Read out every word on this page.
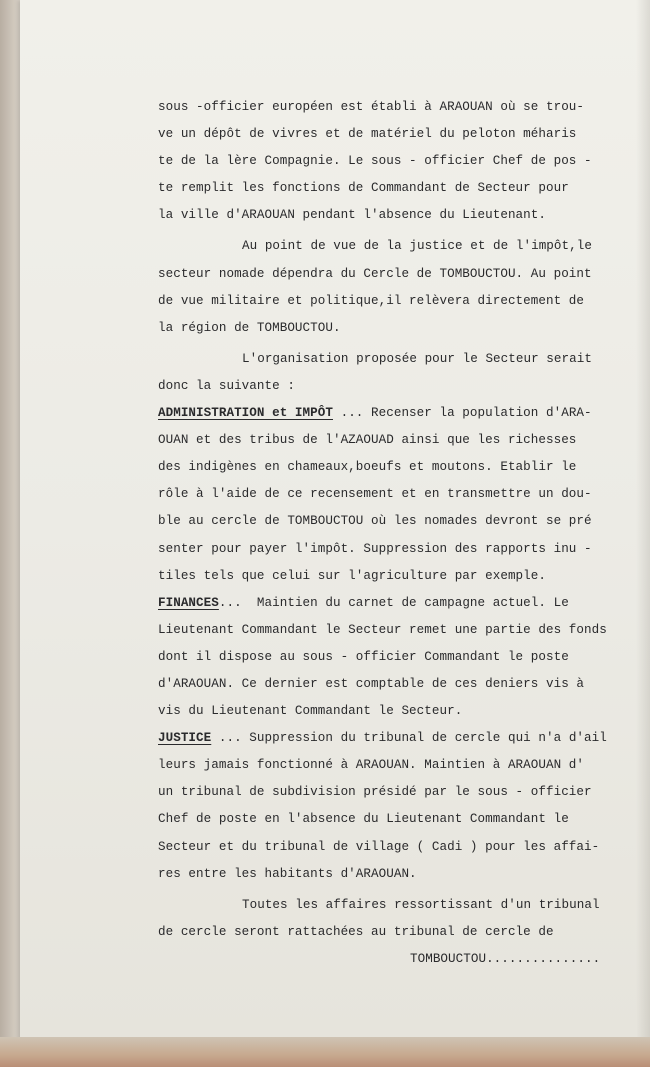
sous -officier européen est établi à ARAOUAN où se trou-
ve un dépôt de vivres et de matériel du peloton méharis
te de la lère Compagnie. Le sous - officier Chef de pos -
te remplit les fonctions de Commandant de Secteur pour
la ville d'ARAOUAN pendant l'absence du Lieutenant.
Au point de vue de la justice et de l'impôt,le
secteur nomade dépendra du Cercle de TOMBOUCTOU. Au point
de vue militaire et politique,il relèvera directement de
la région de TOMBOUCTOU.
L'organisation proposée pour le Secteur serait
donc la suivante :
ADMINISTRATION et IMPÔT ... Recenser la population d'ARA-
OUAN et des tribus de l'AZAOUAD ainsi que les richesses
des indigènes en chameaux,boeufs et moutons. Etablir le
rôle à l'aide de ce recensement et en transmettre un dou-
ble au cercle de TOMBOUCTOU où les nomades devront se pré
senter pour payer l'impôt. Suppression des rapports inu -
tiles tels que celui sur l'agriculture par exemple.
FINANCES...  Maintien du carnet de campagne actuel. Le
Lieutenant Commandant le Secteur remet une partie des fonds
dont il dispose au sous - officier Commandant le poste
d'ARAOUAN. Ce dernier est comptable de ces deniers vis à
vis du Lieutenant Commandant le Secteur.
JUSTICE ... Suppression du tribunal de cercle qui n'a d'ail
leurs jamais fonctionné à ARAOUAN. Maintien à ARAOUAN d'
un tribunal de subdivision présidé par le sous - officier
Chef de poste en l'absence du Lieutenant Commandant le
Secteur et du tribunal de village ( Cadi ) pour les affai-
res entre les habitants d'ARAOUAN.
Toutes les affaires ressortissant d'un tribunal
de cercle seront rattachées au tribunal de cercle de
TOMBOUCTOU...............
